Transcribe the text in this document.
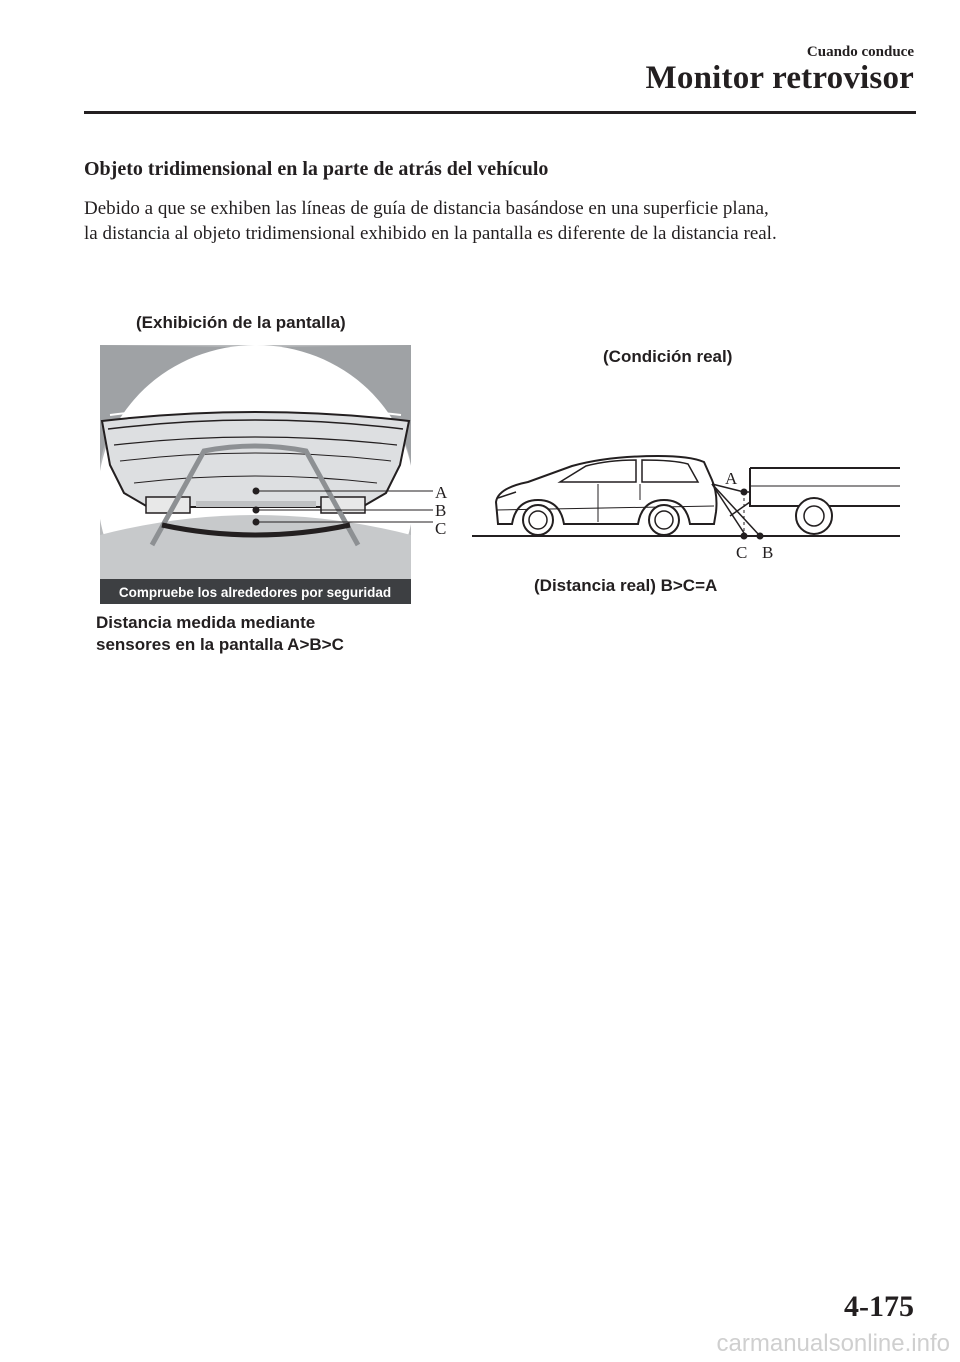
Cuando conduce
Monitor retrovisor
Objeto tridimensional en la parte de atrás del vehículo
Debido a que se exhiben las líneas de guía de distancia basándose en una superficie plana,
la distancia al objeto tridimensional exhibido en la pantalla es diferente de la distancia real.
(Exhibición de la pantalla)
(Condición real)
Compruebe los alrededores por seguridad
A
B
C
A
C B
(Distancia real) B>C=A
Distancia medida mediante
sensores en la pantalla A>B>C
4-175
carmanualsonline.info
